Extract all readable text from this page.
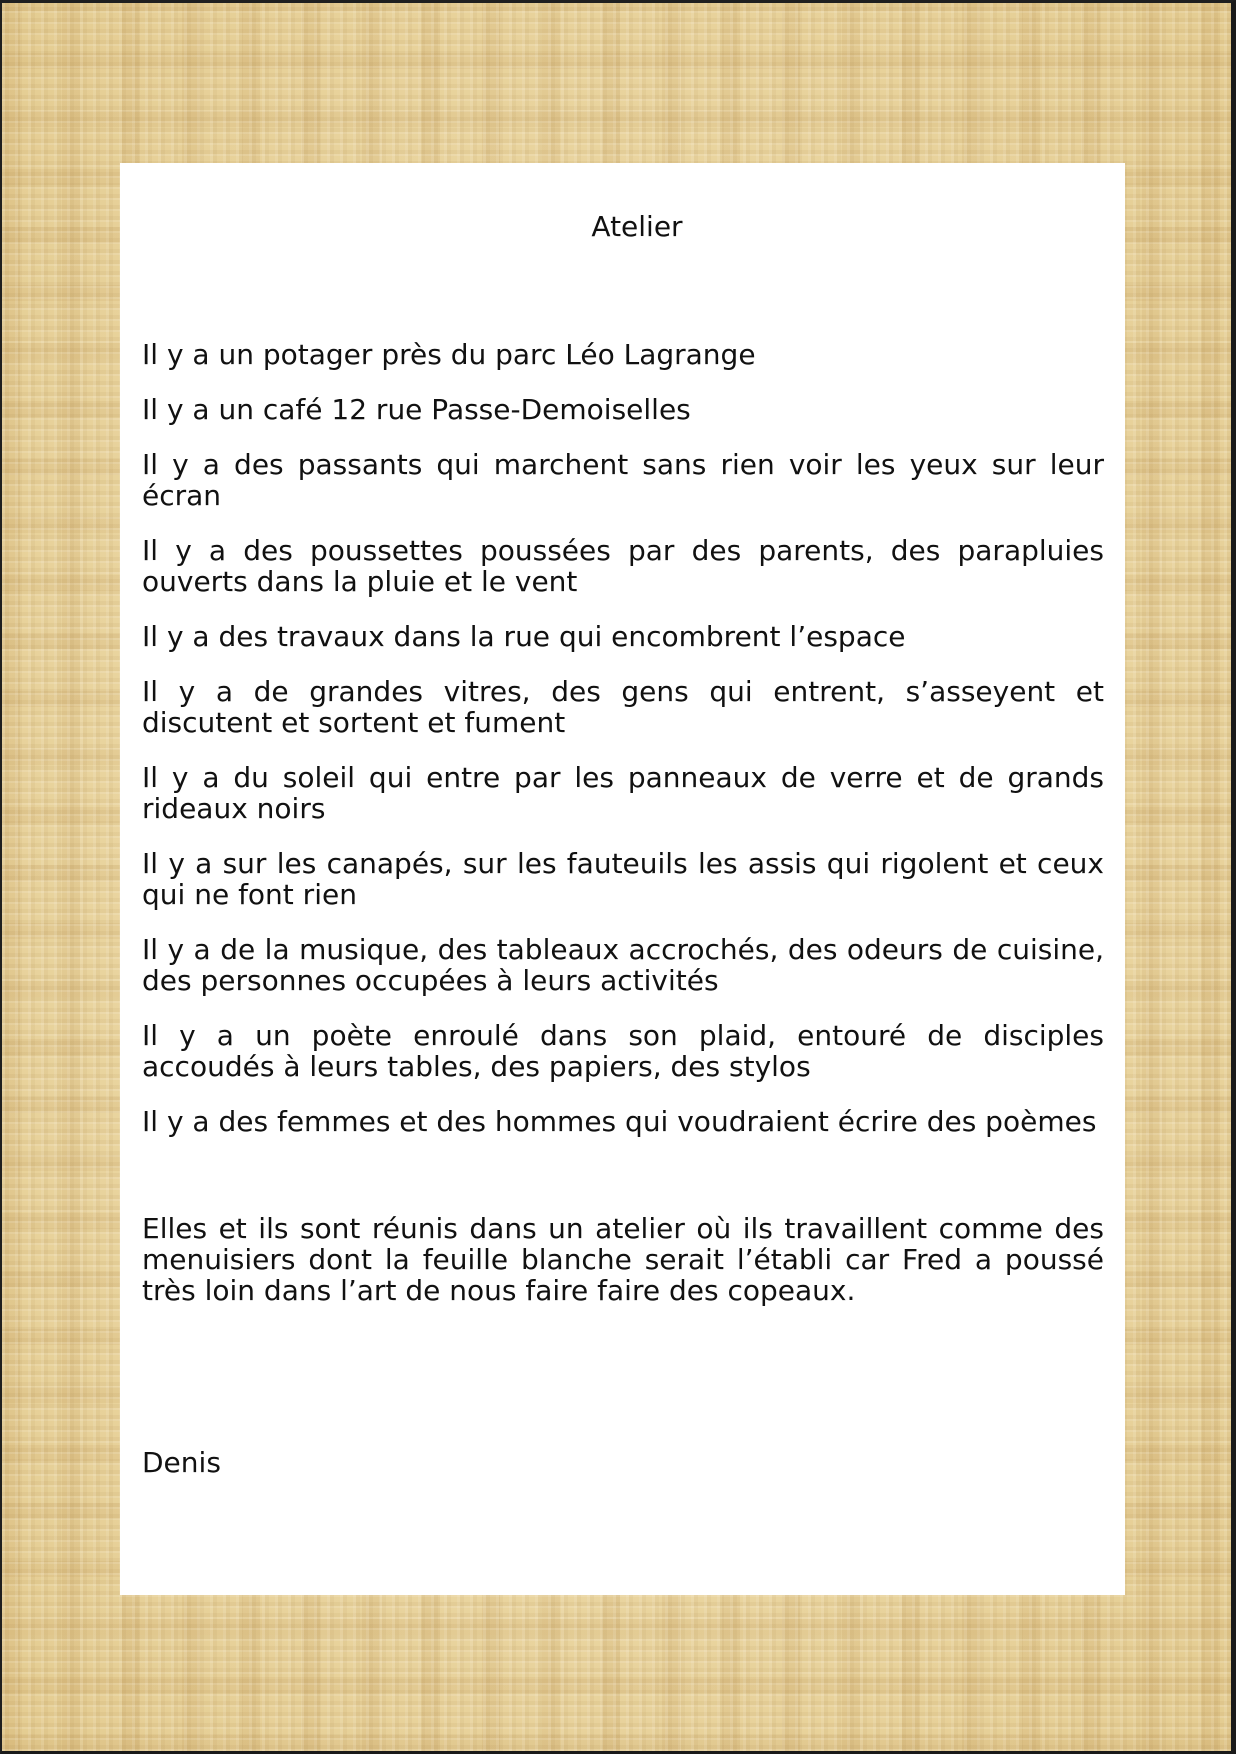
Atelier

Il y a un potager près du parc Léo Lagrange

Il y a un café 12 rue Passe-Demoiselles

Il y a des passants qui marchent sans rien voir les yeux sur leur écran

Il y a des poussettes poussées par des parents, des parapluies ouverts dans la pluie et le vent

Il y a des travaux dans la rue qui encombrent l’espace

Il y a de grandes vitres, des gens qui entrent, s’asseyent et discutent et sortent et fument

Il y a du soleil qui entre par les panneaux de verre et de grands rideaux noirs

Il y a sur les canapés, sur les fauteuils les assis qui rigolent et ceux qui ne font rien

Il y a de la musique, des tableaux accrochés, des odeurs de cuisine, des personnes occupées à leurs activités

Il y a un poète enroulé dans son plaid, entouré de disciples accoudés à leurs tables, des papiers, des stylos

Il y a des femmes et des hommes qui voudraient écrire des poèmes

Elles et ils sont réunis dans un atelier où ils travaillent comme des menuisiers dont la feuille blanche serait l’établi car Fred a poussé très loin dans l’art de nous faire faire des copeaux.

Denis
